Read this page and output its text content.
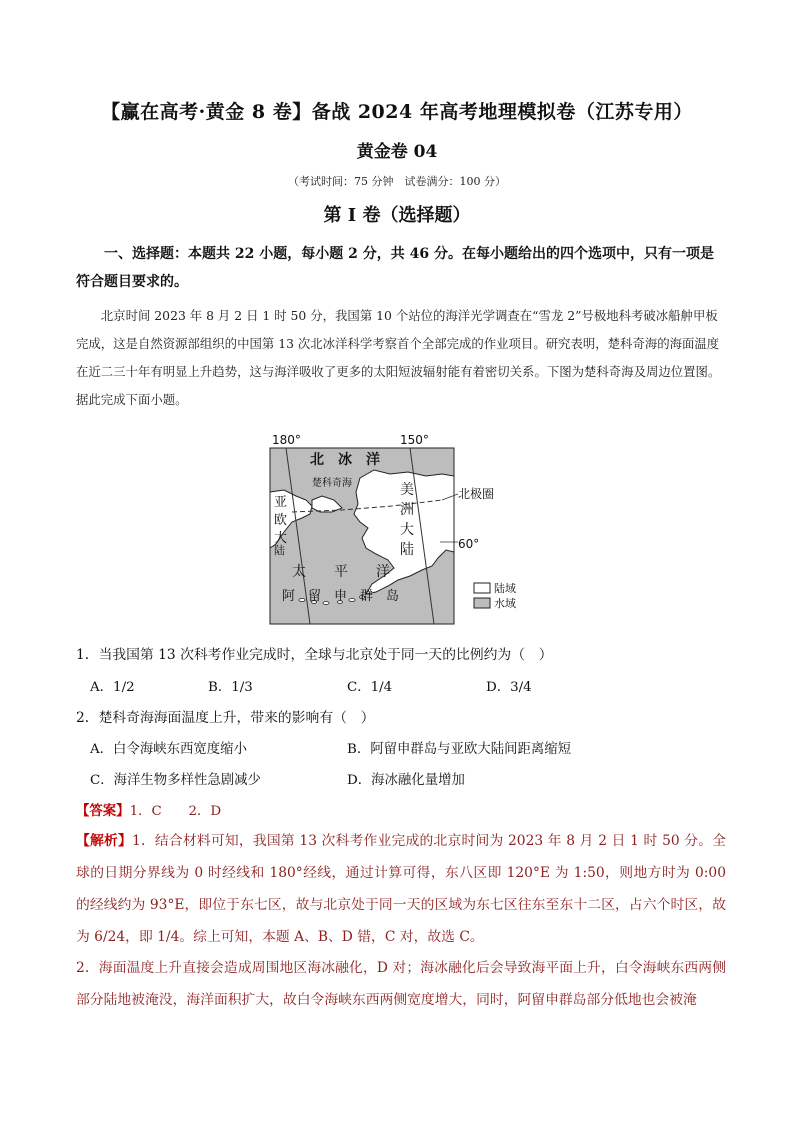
【赢在高考·黄金 8 卷】备战 2024 年高考地理模拟卷（江苏专用）
黄金卷 04
（考试时间：75 分钟　试卷满分：100 分）
第 I 卷（选择题）
一、选择题：本题共 22 小题，每小题 2 分，共 46 分。在每小题给出的四个选项中，只有一项是符合题目要求的。
北京时间 2023 年 8 月 2 日 1 时 50 分，我国第 10 个站位的海洋光学调查在“雪龙 2”号极地科考破冰船舯甲板完成，这是自然资源部组织的中国第 13 次北冰洋科学考察首个全部完成的作业项目。研究表明，楚科奇海的海面温度在近二三十年有明显上升趋势，这与海洋吸收了更多的太阳短波辐射能有着密切关系。下图为楚科奇海及周边位置图。据此完成下面小题。
180°	150°
北　冰　洋
楚科奇海
北极圈
亚
欧
大
陆
美
洲
大
陆	60°
太　　平　　洋
阿　留　申　群　岛
陆域
水域
1．当我国第 13 次科考作业完成时，全球与北京处于同一天的比例约为（　）
A．1/2	B．1/3	C．1/4	D．3/4
2．楚科奇海海面温度上升，带来的影响有（　）
A．白令海峡东西宽度缩小	B．阿留申群岛与亚欧大陆间距离缩短
C．海洋生物多样性急剧减少	D．海冰融化量增加
【答案】1．C　　2．D
【解析】1．结合材料可知，我国第 13 次科考作业完成的北京时间为 2023 年 8 月 2 日 1 时 50 分。全球的日期分界线为 0 时经线和 180°经线，通过计算可得，东八区即 120°E 为 1:50，则地方时为 0:00 的经线约为 93°E，即位于东七区，故与北京处于同一天的区域为东七区往东至东十二区，占六个时区，故为 6/24，即 1/4。综上可知，本题 A、B、D 错，C 对，故选 C。
2．海面温度上升直接会造成周围地区海冰融化，D 对；海冰融化后会导致海平面上升，白令海峡东西两侧部分陆地被淹没，海洋面积扩大，故白令海峡东西两侧宽度增大，同时，阿留申群岛部分低地也会被淹
